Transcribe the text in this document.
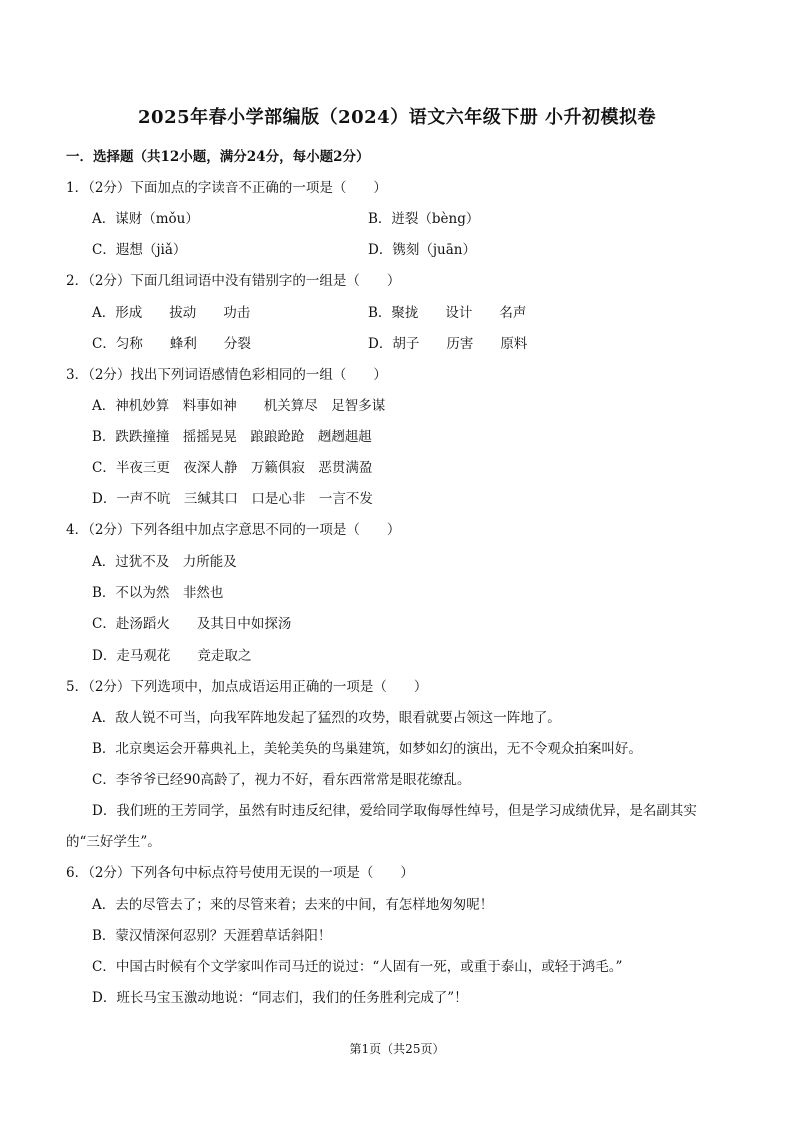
2025年春小学部编版（2024）语文六年级下册 小升初模拟卷
一．选择题（共12小题，满分24分，每小题2分）
1．（2分）下面加点的字读音不正确的一项是（　　）
A．谋财（mǒu）	B．迸裂（bèng）
C．遐想（jiǎ）	D．镌刻（juān）
2．（2分）下面几组词语中没有错别字的一组是（　　）
A．形成　　拔动　　功击	B．聚拢　　设计　　名声
C．匀称　　蜂利　　分裂	D．胡子　　历害　　原料
3．（2分）找出下列词语感情色彩相同的一组（　　）
A．神机妙算　料事如神　　机关算尽　足智多谋
B．跌跌撞撞　摇摇晃晃　踉踉跄跄　趔趔趄趄
C．半夜三更　夜深人静　万籁俱寂　恶贯满盈
D．一声不吭　三缄其口　口是心非　一言不发
4．（2分）下列各组中加点字意思不同的一项是（　　）
A．过犹不及　力所能及
B．不以为然　非然也
C．赴汤蹈火　　及其日中如探汤
D．走马观花　　竞走取之
5．（2分）下列选项中，加点成语运用正确的一项是（　　）
A．敌人锐不可当，向我军阵地发起了猛烈的攻势，眼看就要占领这一阵地了。
B．北京奥运会开幕典礼上，美轮美奂的鸟巢建筑，如梦如幻的演出，无不令观众拍案叫好。
C．李爷爷已经90高龄了，视力不好，看东西常常是眼花缭乱。
D．我们班的王芳同学，虽然有时违反纪律，爱给同学取侮辱性绰号，但是学习成绩优异，是名副其实
的“三好学生”。
6．（2分）下列各句中标点符号使用无误的一项是（　　）
A．去的尽管去了；来的尽管来着；去来的中间，有怎样地匆匆呢！
B．蒙汉情深何忍别？天涯碧草话斜阳！
C．中国古时候有个文学家叫作司马迁的说过：“人固有一死，或重于泰山，或轻于鸿毛。”
D．班长马宝玉激动地说：“同志们，我们的任务胜利完成了”！
第1页（共25页）
